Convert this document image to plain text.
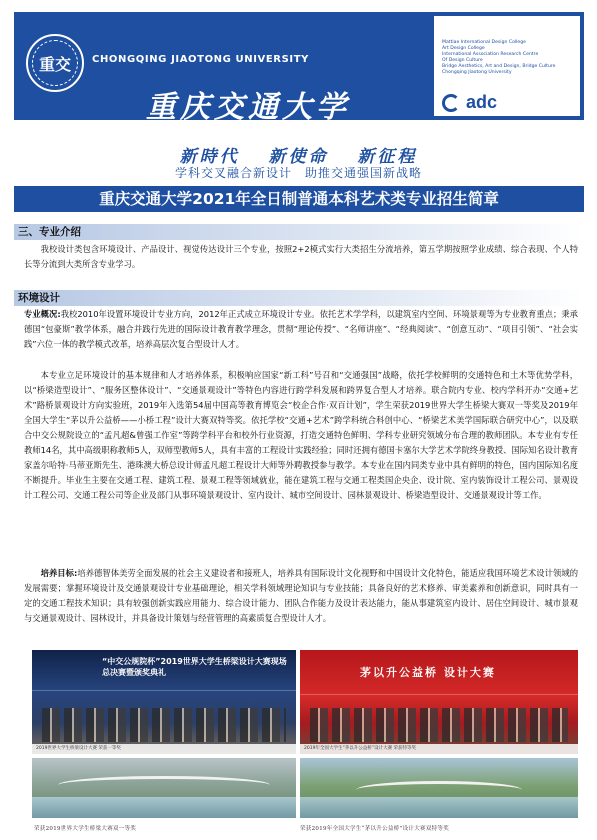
重交	CHONGQING JIAOTONG UNIVERSITY
重庆交通大学
Mattiae International Design College
Art Design College
International Association Research Centre
Of Design Culture
Bridge Aesthetics, Art and Design, Bridge Culture
Chongqing Jiaotong University
adc
新時代 新使命 新征程
学科交叉融合新设计　助推交通强国新战略
重庆交通大学2021年全日制普通本科艺术类专业招生简章
三、专业介绍
我校设计类包含环境设计、产品设计、视觉传达设计三个专业，按照2+2模式实行大类招生分流培养，第五学期按照学业成绩、综合表现、个人特长等分流到大类所含专业学习。
环境设计
专业概况:我校2010年设置环境设计专业方向，2012年正式成立环境设计专业。依托艺术学学科，以建筑室内空间、环境景观等为专业教育重点；秉承德国“包豪斯”教学体系，融合并践行先进的国际设计教育教学理念，贯彻“理论传授”、“名师讲座”、“经典阅读”、“创意互动”、“项目引领”、“社会实践”六位一体的教学模式改革，培养高层次复合型设计人才。
本专业立足环境设计的基本规律和人才培养体系，积极响应国家“新工科”号召和“交通强国”战略，依托学校鲜明的交通特色和土木等优势学科，以“桥梁造型设计”、“服务区整体设计”、“交通景观设计”等特色内容进行跨学科发展和跨界复合型人才培养。联合院内专业、校内学科开办“交通+艺术”路桥景观设计方向实验班，2019年入选第54届中国高等教育博览会“校企合作·双百计划”，学生荣获2019世界大学生桥梁大赛双一等奖及2019年全国大学生“茅以升公益桥——小桥工程”设计大赛双特等奖。依托学校“交通+艺术”跨学科统合科创中心、“桥梁艺术美学国际联合研究中心”，以及联合中交公规院设立的“孟凡超&曾强工作室”等跨学科平台和校外行业资源，打造交通特色鲜明、学科专业研究领域分布合理的教师团队。本专业有专任教师14名，其中高级职称教师5人，双师型教师5人，具有丰富的工程设计实践经验；同时还拥有德国卡塞尔大学艺术学院终身教授、国际知名设计教育家盖尔哈特·马蒂亚斯先生、港珠澳大桥总设计师孟凡超工程设计大师等外聘教授参与教学。本专业在国内同类专业中具有鲜明的特色，国内国际知名度不断提升。毕业生主要在交通工程、建筑工程、景观工程等领域就业，能在建筑工程与交通工程类国企央企、设计院、室内装饰设计工程公司、景观设计工程公司、交通工程公司等企业及部门从事环境景观设计、室内设计、城市空间设计、园林景观设计、桥梁造型设计、交通景观设计等工作。
培养目标:培养德智体美劳全面发展的社会主义建设者和接班人，培养具有国际设计文化视野和中国设计文化特色，能适应我国环境艺术设计领域的发展需要；掌握环境设计及交通景观设计专业基础理论，相关学科领域理论知识与专业技能；具备良好的艺术修养、审美素养和创新意识，同时具有一定的交通工程技术知识；具有较强创新实践应用能力、综合设计能力、团队合作能力及设计表达能力，能从事建筑室内设计、居住空间设计、城市景观与交通景观设计、园林设计，并具备设计策划与经营管理的高素质复合型设计人才。
“中交公规院杯”2019世界大学生桥梁设计大赛现场总决赛暨颁奖典礼
2019世界大学生桥梁设计大赛 荣获一等奖
茅以升公益桥 设计大赛
2019年全国大学生“茅以升公益桥”设计大赛 荣获特等奖
荣获2019世界大学生桥梁大赛双一等奖	荣获2019年全国大学生“茅以升公益桥”设计大赛双特等奖
